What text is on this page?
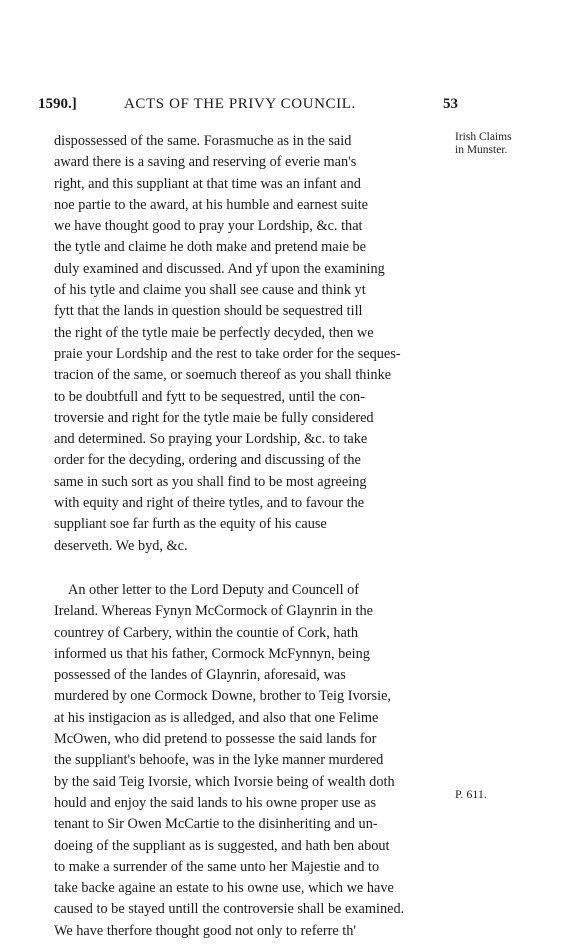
1590.]	ACTS OF THE PRIVY COUNCIL.	53
Irish Claims
in Munster.
P. 611.
dispossessed of the same. Forasmuche as in the said
award there is a saving and reserving of everie man's
right, and this suppliant at that time was an infant and
noe partie to the award, at his humble and earnest suite
we have thought good to pray your Lordship, &c. that
the tytle and claime he doth make and pretend maie be
duly examined and discussed. And yf upon the examining
of his tytle and claime you shall see cause and think yt
fytt that the lands in question should be sequestred till
the right of the tytle maie be perfectly decyded, then we
praie your Lordship and the rest to take order for the seques-
tracion of the same, or soemuch thereof as you shall thinke
to be doubtfull and fytt to be sequestred, until the con-
troversie and right for the tytle maie be fully considered
and determined. So praying your Lordship, &c. to take
order for the decyding, ordering and discussing of the
same in such sort as you shall find to be most agreeing
with equity and right of theire tytles, and to favour the
suppliant soe far furth as the equity of his cause
deserveth. We byd, &c.
An other letter to the Lord Deputy and Councell of
Ireland. Whereas Fynyn McCormock of Glaynrin in the
countrey of Carbery, within the countie of Cork, hath
informed us that his father, Cormock McFynnyn, being
possessed of the landes of Glaynrin, aforesaid, was
murdered by one Cormock Downe, brother to Teig Ivorsie,
at his instigacion as is alledged, and also that one Felime
McOwen, who did pretend to possesse the said lands for
the suppliant's behoofe, was in the lyke manner murdered
by the said Teig Ivorsie, which Ivorsie being of wealth doth
hould and enjoy the said lands to his owne proper use as
tenant to Sir Owen McCartie to the disinheriting and un-
doeing of the suppliant as is suggested, and hath ben about
to make a surrender of the same unto her Majestie and to
take backe againe an estate to his owne use, which we have
caused to be stayed untill the controversie shall be examined.
We have therfore thought good not only to referre th'
